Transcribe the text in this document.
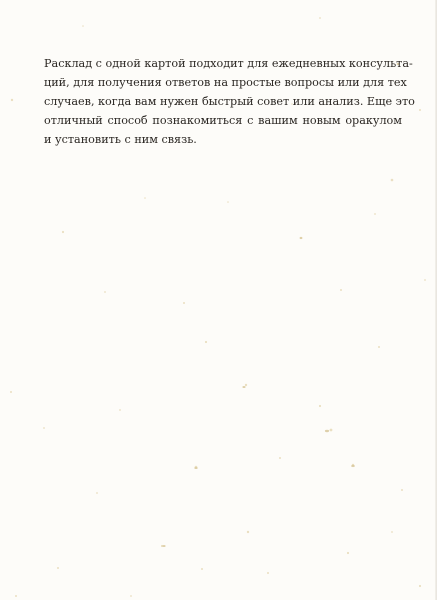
Расклад с одной картой подходит для ежедневных консульта-
ций, для получения ответов на простые вопросы или для тех
случаев, когда вам нужен быстрый совет или анализ. Еще это
отличный способ познакомиться с вашим новым оракулом
и установить с ним связь.
